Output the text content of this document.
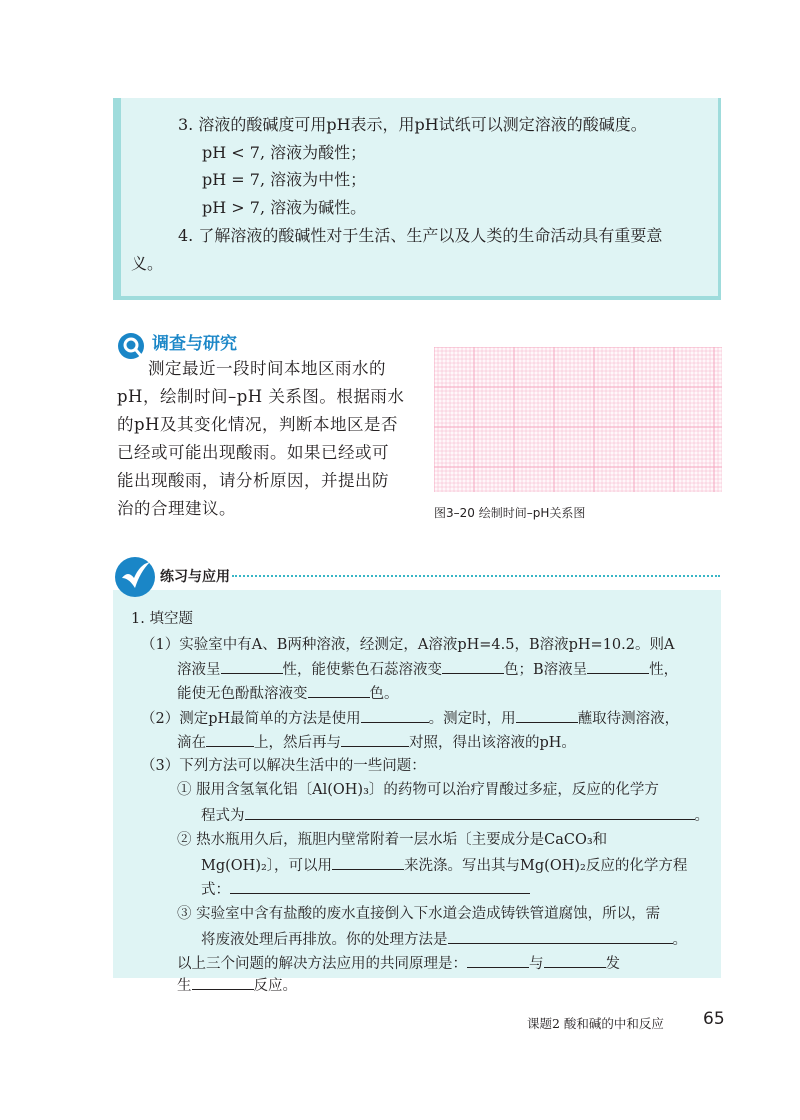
3. 溶液的酸碱度可用pH表示，用pH试纸可以测定溶液的酸碱度。
pH < 7, 溶液为酸性；
pH = 7, 溶液为中性；
pH > 7, 溶液为碱性。
4. 了解溶液的酸碱性对于生活、生产以及人类的生命活动具有重要意
义。
调查与研究
测定最近一段时间本地区雨水的
pH，绘制时间–pH 关系图。根据雨水
的pH及其变化情况，判断本地区是否
已经或可能出现酸雨。如果已经或可
能出现酸雨，请分析原因，并提出防
治的合理建议。	图3–20 绘制时间–pH关系图
练习与应用
1. 填空题
（1）实验室中有A、B两种溶液，经测定，A溶液pH=4.5，B溶液pH=10.2。则A
溶液呈	性，能使紫色石蕊溶液变	色；B溶液呈	性，
能使无色酚酞溶液变	色。
（2）测定pH最简单的方法是使用	。测定时，用	蘸取待测溶液，
滴在	上，然后再与	对照，得出该溶液的pH。
（3）下列方法可以解决生活中的一些问题：
① 服用含氢氧化铝〔Al(OH)₃〕的药物可以治疗胃酸过多症，反应的化学方
程式为	。
② 热水瓶用久后，瓶胆内壁常附着一层水垢〔主要成分是CaCO₃和
Mg(OH)₂〕，可以用	来洗涤。写出其与Mg(OH)₂反应的化学方程
式：
③ 实验室中含有盐酸的废水直接倒入下水道会造成铸铁管道腐蚀，所以，需
将废液处理后再排放。你的处理方法是	。
以上三个问题的解决方法应用的共同原理是：	与	发
生	反应。
课题2 酸和碱的中和反应 65
